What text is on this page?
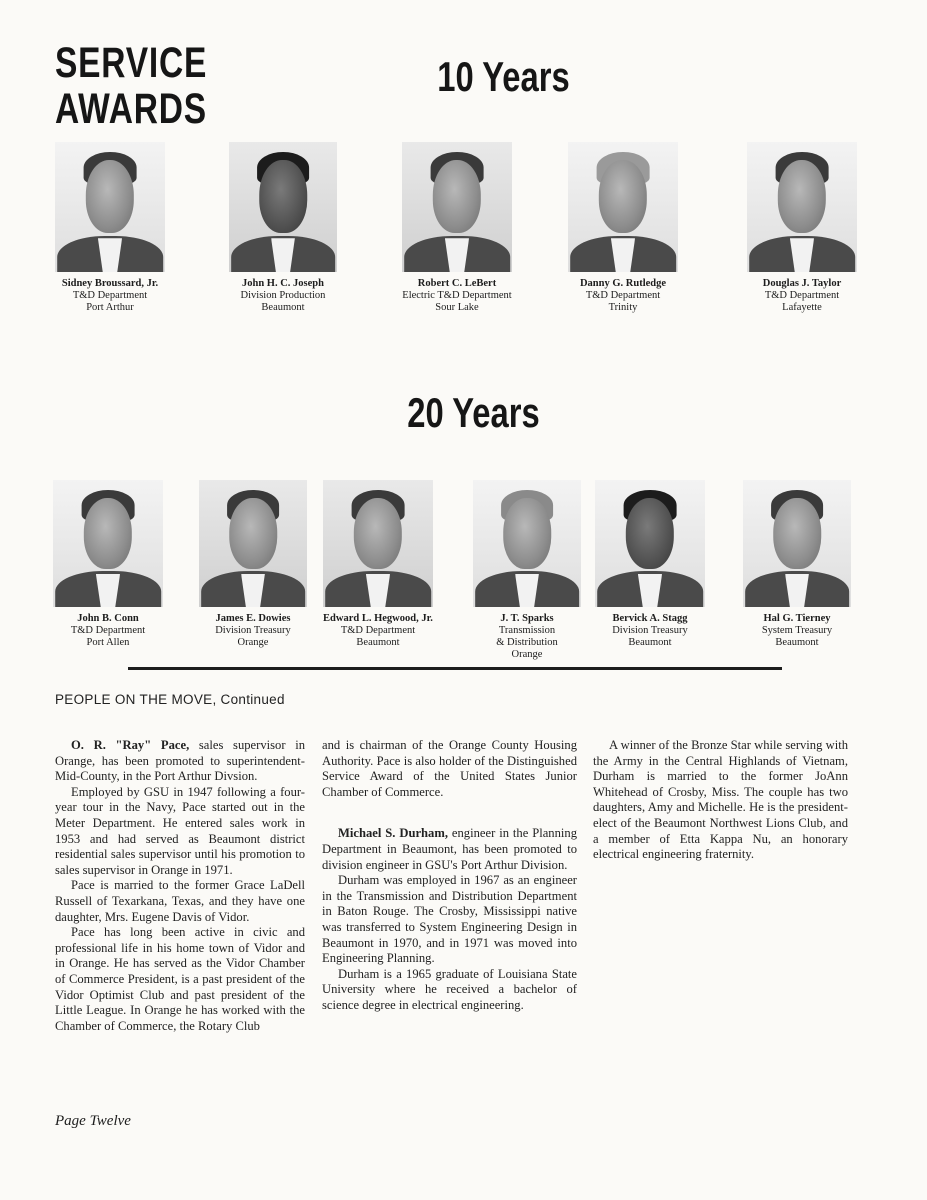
SERVICE
AWARDS
10 Years
Sidney Broussard, Jr.
T&D Department
Port Arthur
John H. C. Joseph
Division Production
Beaumont
Robert C. LeBert
Electric T&D Department
Sour Lake
Danny G. Rutledge
T&D Department
Trinity
Douglas J. Taylor
T&D Department
Lafayette
20 Years
John B. Conn
T&D Department
Port Allen
James E. Dowies
Division Treasury
Orange
Edward L. Hegwood, Jr.
T&D Department
Beaumont
J. T. Sparks
Transmission
& Distribution
Orange
Bervick A. Stagg
Division Treasury
Beaumont
Hal G. Tierney
System Treasury
Beaumont
PEOPLE ON THE MOVE, Continued

O. R. "Ray" Pace, sales supervisor in Orange, has been promoted to superintendent-Mid-County, in the Port Arthur Divsion.

Employed by GSU in 1947 following a four-year tour in the Navy, Pace started out in the Meter Department. He entered sales work in 1953 and had served as Beaumont district residential sales supervisor until his promotion to sales supervisor in Orange in 1971.

Pace is married to the former Grace LaDell Russell of Texarkana, Texas, and they have one daughter, Mrs. Eugene Davis of Vidor.

Pace has long been active in civic and professional life in his home town of Vidor and in Orange. He has served as the Vidor Chamber of Commerce President, is a past president of the Vidor Optimist Club and past president of the Little League. In Orange he has worked with the Chamber of Commerce, the Rotary Club

and is chairman of the Orange County Housing Authority. Pace is also holder of the Distinguished Service Award of the United States Junior Chamber of Commerce.

Michael S. Durham, engineer in the Planning Department in Beaumont, has been promoted to division engineer in GSU's Port Arthur Division.

Durham was employed in 1967 as an engineer in the Transmission and Distribution Department in Baton Rouge. The Crosby, Mississippi native was transferred to System Engineering Design in Beaumont in 1970, and in 1971 was moved into Engineering Planning.

Durham is a 1965 graduate of Louisiana State University where he received a bachelor of science degree in electrical engineering.

A winner of the Bronze Star while serving with the Army in the Central Highlands of Vietnam, Durham is married to the former JoAnn Whitehead of Crosby, Miss. The couple has two daughters, Amy and Michelle. He is the president-elect of the Beaumont Northwest Lions Club, and a member of Etta Kappa Nu, an honorary electrical engineering fraternity.

Page Twelve
